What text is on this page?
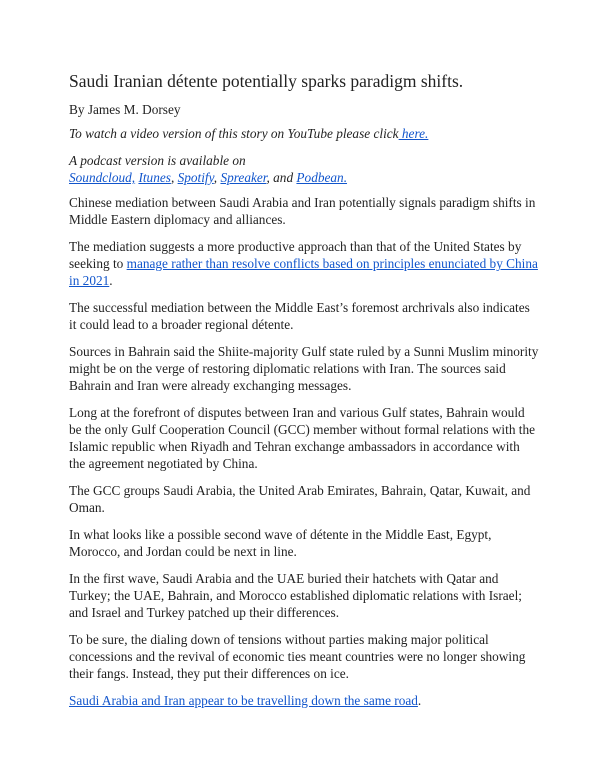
Saudi Iranian détente potentially sparks paradigm shifts.
By James M. Dorsey

To watch a video version of this story on YouTube please click here.

A podcast version is available on
Soundcloud, Itunes, Spotify, Spreaker, and Podbean.

Chinese mediation between Saudi Arabia and Iran potentially signals paradigm shifts in Middle Eastern diplomacy and alliances.

The mediation suggests a more productive approach than that of the United States by seeking to manage rather than resolve conflicts based on principles enunciated by China in 2021.

The successful mediation between the Middle East’s foremost archrivals also indicates it could lead to a broader regional détente.

Sources in Bahrain said the Shiite-majority Gulf state ruled by a Sunni Muslim minority might be on the verge of restoring diplomatic relations with Iran. The sources said Bahrain and Iran were already exchanging messages.

Long at the forefront of disputes between Iran and various Gulf states, Bahrain would be the only Gulf Cooperation Council (GCC) member without formal relations with the Islamic republic when Riyadh and Tehran exchange ambassadors in accordance with the agreement negotiated by China.

The GCC groups Saudi Arabia, the United Arab Emirates, Bahrain, Qatar, Kuwait, and Oman.

In what looks like a possible second wave of détente in the Middle East, Egypt, Morocco, and Jordan could be next in line.

In the first wave, Saudi Arabia and the UAE buried their hatchets with Qatar and Turkey; the UAE, Bahrain, and Morocco established diplomatic relations with Israel; and Israel and Turkey patched up their differences.

To be sure, the dialing down of tensions without parties making major political concessions and the revival of economic ties meant countries were no longer showing their fangs. Instead, they put their differences on ice.

Saudi Arabia and Iran appear to be travelling down the same road.
